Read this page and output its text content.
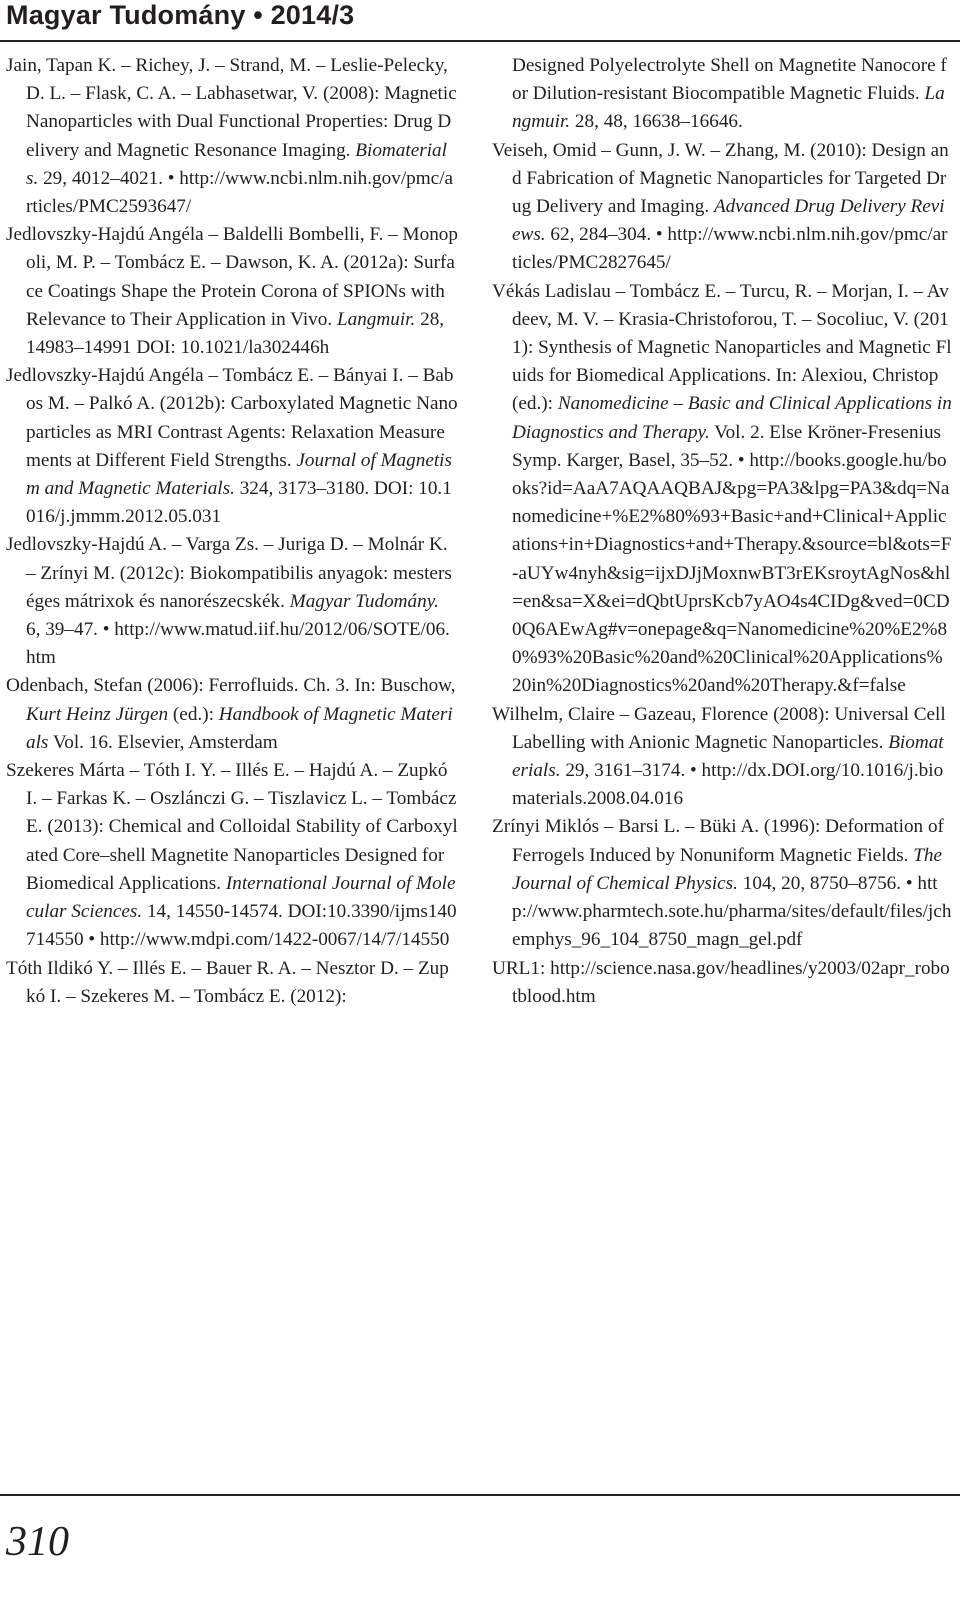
Magyar Tudomány • 2014/3

Jain, Tapan K. – Richey, J. – Strand, M. – Leslie-Pelecky, D. L. – Flask, C. A. – Labhasetwar, V. (2008): Magnetic Nanoparticles with Dual Functional Properties: Drug Delivery and Magnetic Resonance Imaging. Biomaterials. 29, 4012–4021. • http://www.ncbi.nlm.nih.gov/pmc/articles/PMC2593647/

Jedlovszky-Hajdú Angéla – Baldelli Bombelli, F. – Monopoli, M. P. – Tombácz E. – Dawson, K. A. (2012a): Surface Coatings Shape the Protein Corona of SPIONs with Relevance to Their Application in Vivo. Langmuir. 28, 14983–14991 DOI: 10.1021/la302446h

Jedlovszky-Hajdú Angéla – Tombácz E. – Bányai I. – Babos M. – Palkó A. (2012b): Carboxylated Magnetic Nanoparticles as MRI Contrast Agents: Relaxation Measurements at Different Field Strengths. Journal of Magnetism and Magnetic Materials. 324, 3173–3180. DOI: 10.1016/j.jmmm.2012.05.031

Jedlovszky-Hajdú A. – Varga Zs. – Juriga D. – Molnár K. – Zrínyi M. (2012c): Biokompatibilis anyagok: mesterséges mátrixok és nanorészecskék. Magyar Tudomány. 6, 39–47. • http://www.matud.iif.hu/2012/06/SOTE/06.htm

Odenbach, Stefan (2006): Ferrofluids. Ch. 3. In: Buschow, Kurt Heinz Jürgen (ed.): Handbook of Magnetic Materials Vol. 16. Elsevier, Amsterdam

Szekeres Márta – Tóth I. Y. – Illés E. – Hajdú A. – Zupkó I. – Farkas K. – Oszlánczi G. – Tiszlavicz L. – Tombácz E. (2013): Chemical and Colloidal Stability of Carboxylated Core–shell Magnetite Nanoparticles Designed for Biomedical Applications. International Journal of Molecular Sciences. 14, 14550-14574. DOI:10.3390/ijms140714550 • http://www.mdpi.com/1422-0067/14/7/14550

Tóth Ildikó Y. – Illés E. – Bauer R. A. – Nesztor D. – Zupkó I. – Szekeres M. – Tombácz E. (2012):

Designed Polyelectrolyte Shell on Magnetite Nanocore for Dilution-resistant Biocompatible Magnetic Fluids. Langmuir. 28, 48, 16638–16646.

Veiseh, Omid – Gunn, J. W. – Zhang, M. (2010): Design and Fabrication of Magnetic Nanoparticles for Targeted Drug Delivery and Imaging. Advanced Drug Delivery Reviews. 62, 284–304. • http://www.ncbi.nlm.nih.gov/pmc/articles/PMC2827645/

Vékás Ladislau – Tombácz E. – Turcu, R. – Morjan, I. – Avdeev, M. V. – Krasia-Christoforou, T. – Socoliuc, V. (2011): Synthesis of Magnetic Nanoparticles and Magnetic Fluids for Biomedical Applications. In: Alexiou, Christop (ed.): Nanomedicine – Basic and Clinical Applications in Diagnostics and Therapy. Vol. 2. Else Kröner-Fresenius Symp. Karger, Basel, 35–52. • http://books.google.hu/books?id=AaA7AQAAQBAJ&pg=PA3&lpg=PA3&dq=Nanomedicine+%E2%80%93+Basic+and+Clinical+Applications+in+Diagnostics+and+Therapy.&source=bl&ots=F-aUYw4nyh&sig=ijxDJjMoxnwBT3rEKsroytAgNos&hl=en&sa=X&ei=dQbtUprsKcb7yAO4s4CIDg&ved=0CD0Q6AEwAg#v=onepage&q=Nanomedicine%20%E2%80%93%20Basic%20and%20Clinical%20Applications%20in%20Diagnostics%20and%20Therapy.&f=false

Wilhelm, Claire – Gazeau, Florence (2008): Universal Cell Labelling with Anionic Magnetic Nanoparticles. Biomaterials. 29, 3161–3174. • http://dx.DOI.org/10.1016/j.biomaterials.2008.04.016

Zrínyi Miklós – Barsi L. – Büki A. (1996): Deformation of Ferrogels Induced by Nonuniform Magnetic Fields. The Journal of Chemical Physics. 104, 20, 8750–8756. • http://www.pharmtech.sote.hu/pharma/sites/default/files/jchemphys_96_104_8750_magn_gel.pdf

URL1: http://science.nasa.gov/headlines/y2003/02apr_robotblood.htm

310
